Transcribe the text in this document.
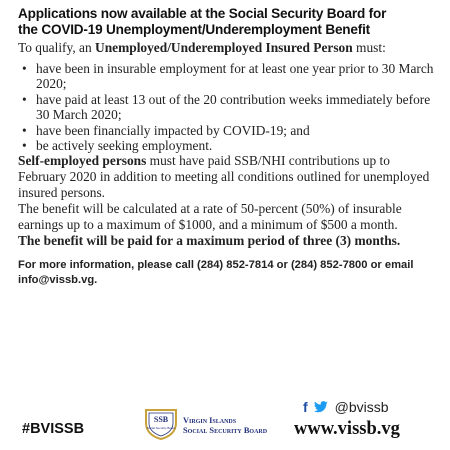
Applications now available at the Social Security Board for
the COVID-19 Unemployment/Underemployment Benefit
To qualify, an Unemployed/Underemployed Insured Person must:
• have been in insurable employment for at least one year prior to 30 March 2020;
• have paid at least 13 out of the 20 contribution weeks immediately before 30 March 2020;
• have been financially impacted by COVID-19; and
• be actively seeking employment.

Self-employed persons must have paid SSB/NHI contributions up to February 2020 in addition to meeting all conditions outlined for unemployed insured persons.

The benefit will be calculated at a rate of 50-percent (50%) of insurable earnings up to a maximum of $1000, and a minimum of $500 a month.

The benefit will be paid for a maximum period of three (3) months.

For more information, please call (284) 852-7814 or (284) 852-7800 or email info@vissb.vg.
#BVISSB
SSB
Social Security Board
Virgin Islands
Social Security Board
f @bvissb
www.vissb.vg
